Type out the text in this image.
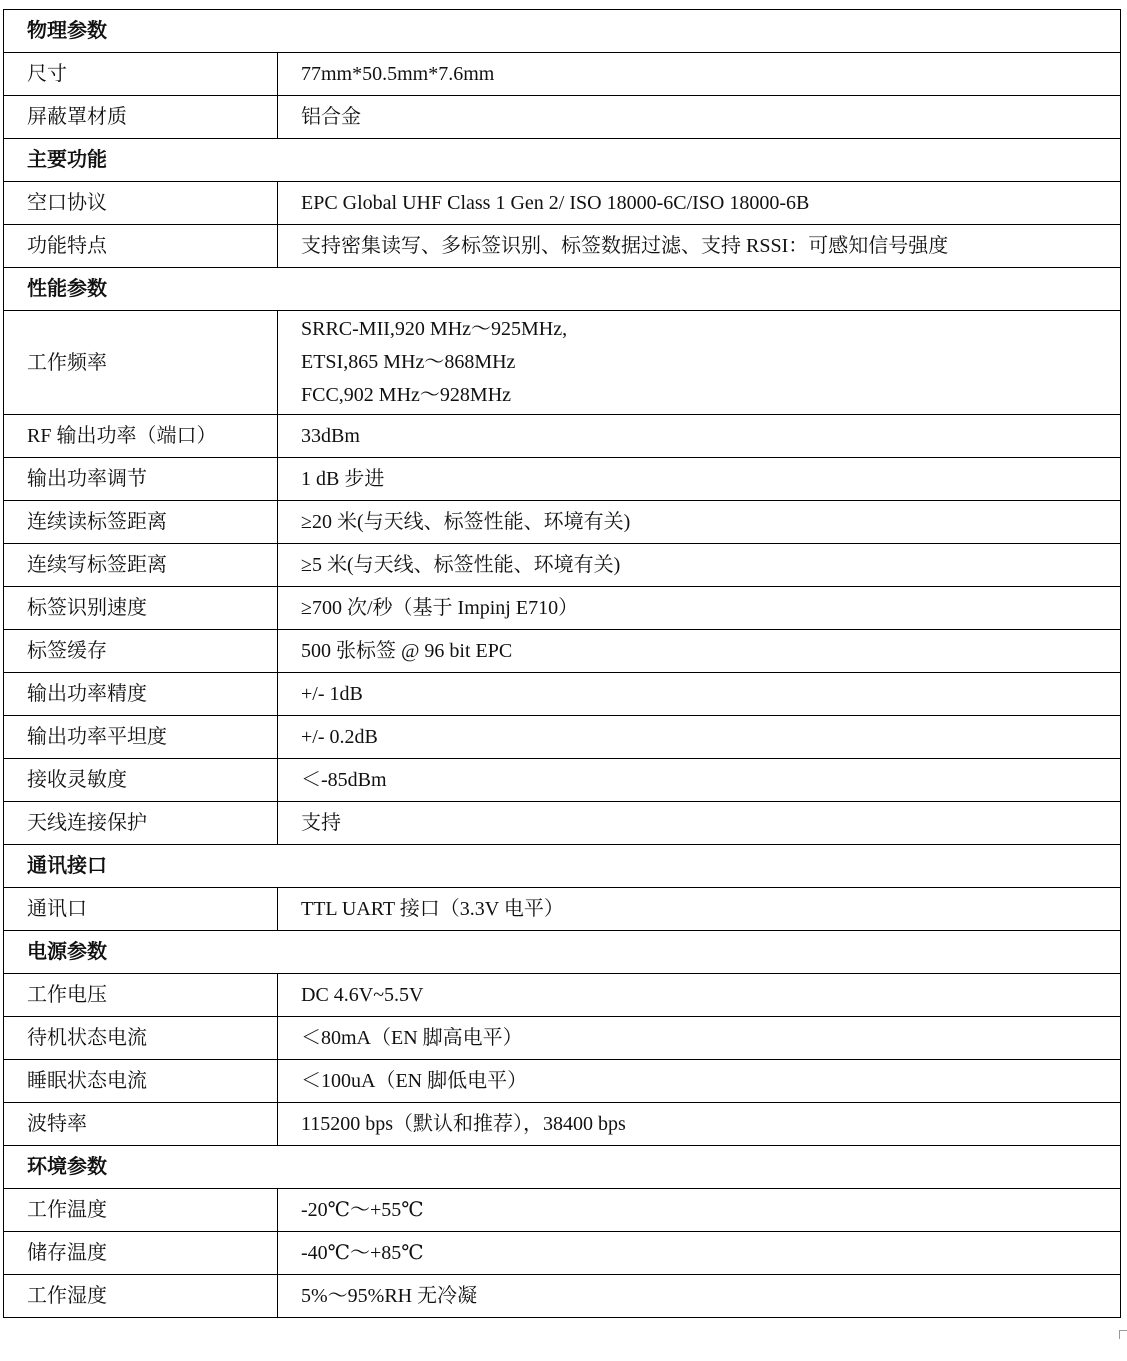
物理参数	
尺寸	77mm*50.5mm*7.6mm
屏蔽罩材质	铝合金
主要功能	
空口协议	EPC Global UHF Class 1 Gen 2/ ISO 18000-6C/ISO 18000-6B
功能特点	支持密集读写、多标签识别、标签数据过滤、支持 RSSI：可感知信号强度
性能参数	
工作频率	SRRC-MII,920 MHz～925MHz,
ETSI,865 MHz～868MHz
FCC,902 MHz～928MHz

RF 输出功率（端口）	33dBm
输出功率调节	1 dB 步进
连续读标签距离	≥20 米(与天线、标签性能、环境有关)
连续写标签距离	≥5 米(与天线、标签性能、环境有关)
标签识别速度	≥700 次/秒（基于 Impinj E710）
标签缓存	500 张标签 @ 96 bit EPC
输出功率精度	+/- 1dB
输出功率平坦度	+/- 0.2dB
接收灵敏度	＜-85dBm
天线连接保护	支持
通讯接口	
通讯口	TTL UART 接口（3.3V 电平）
电源参数	
工作电压	DC 4.6V~5.5V
待机状态电流	＜80mA（EN 脚高电平）
睡眠状态电流	＜100uA（EN 脚低电平）
波特率	115200 bps（默认和推荐），38400 bps
环境参数	
工作温度	-20℃～+55℃
储存温度	-40℃～+85℃
工作湿度	5%～95%RH 无冷凝
